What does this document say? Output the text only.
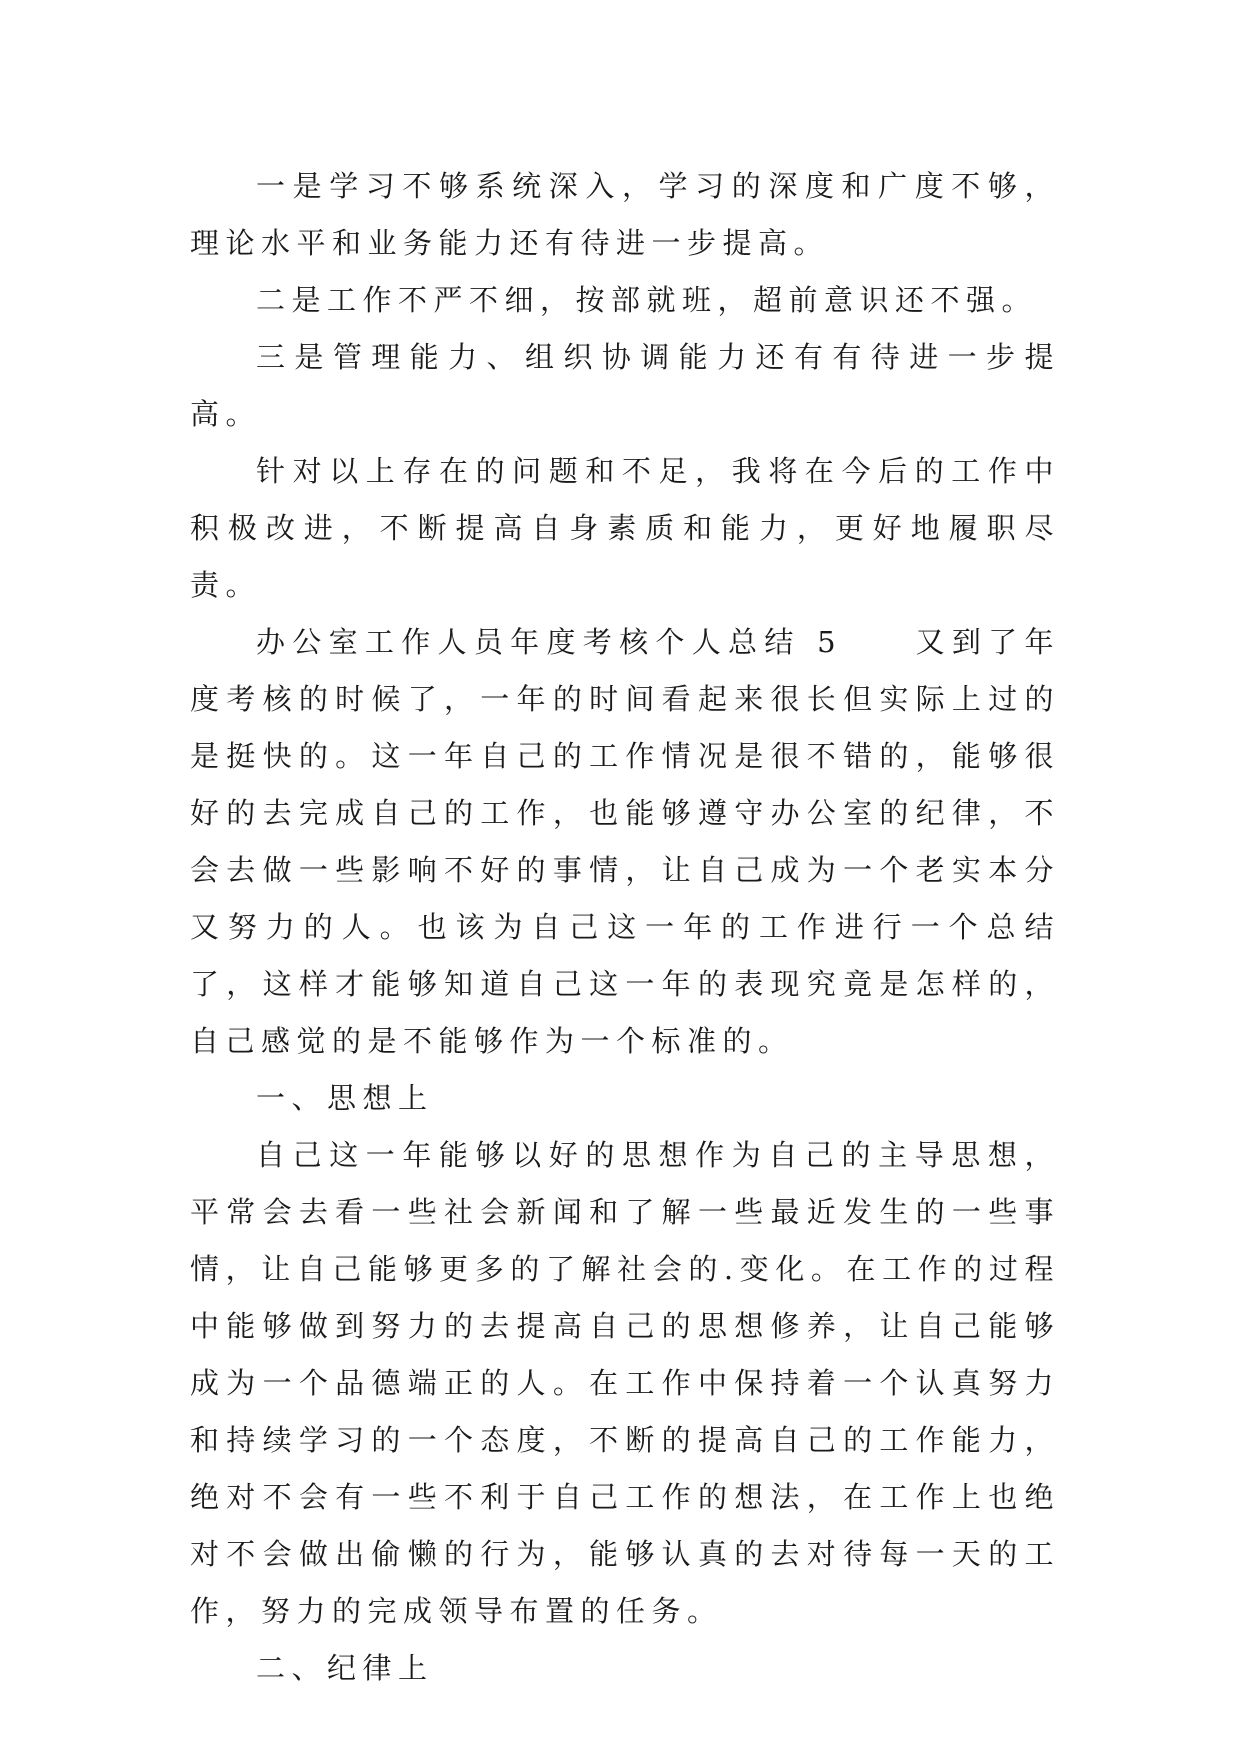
一是学习不够系统深入，学习的深度和广度不够，理论水平和业务能力还有待进一步提高。

二是工作不严不细，按部就班，超前意识还不强。

三是管理能力、组织协调能力还有有待进一步提高。

针对以上存在的问题和不足，我将在今后的工作中积极改进，不断提高自身素质和能力，更好地履职尽责。

办公室工作人员年度考核个人总结 5　　又到了年度考核的时候了，一年的时间看起来很长但实际上过的是挺快的。这一年自己的工作情况是很不错的，能够很好的去完成自己的工作，也能够遵守办公室的纪律，不会去做一些影响不好的事情，让自己成为一个老实本分又努力的人。也该为自己这一年的工作进行一个总结了，这样才能够知道自己这一年的表现究竟是怎样的，自己感觉的是不能够作为一个标准的。

一、思想上

自己这一年能够以好的思想作为自己的主导思想，平常会去看一些社会新闻和了解一些最近发生的一些事情，让自己能够更多的了解社会的.变化。在工作的过程中能够做到努力的去提高自己的思想修养，让自己能够成为一个品德端正的人。在工作中保持着一个认真努力和持续学习的一个态度，不断的提高自己的工作能力，绝对不会有一些不利于自己工作的想法，在工作上也绝对不会做出偷懒的行为，能够认真的去对待每一天的工作，努力的完成领导布置的任务。

二、纪律上
